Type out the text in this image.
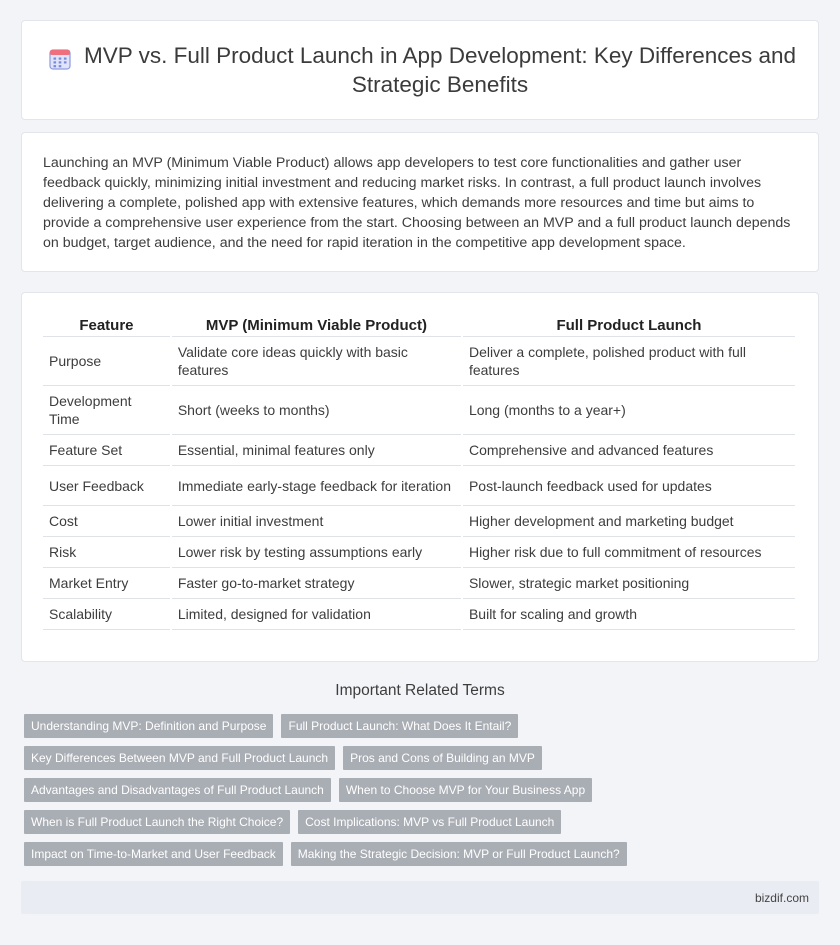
MVP vs. Full Product Launch in App Development: Key Differences and Strategic Benefits

Launching an MVP (Minimum Viable Product) allows app developers to test core functionalities and gather user feedback quickly, minimizing initial investment and reducing market risks. In contrast, a full product launch involves delivering a complete, polished app with extensive features, which demands more resources and time but aims to provide a comprehensive user experience from the start. Choosing between an MVP and a full product launch depends on budget, target audience, and the need for rapid iteration in the competitive app development space.

Feature	MVP (Minimum Viable Product)	Full Product Launch
Purpose	Validate core ideas quickly with basic features	Deliver a complete, polished product with full features
Development Time	Short (weeks to months)	Long (months to a year+)
Feature Set	Essential, minimal features only	Comprehensive and advanced features
User Feedback	Immediate early-stage feedback for iteration	Post-launch feedback used for updates
Cost	Lower initial investment	Higher development and marketing budget
Risk	Lower risk by testing assumptions early	Higher risk due to full commitment of resources
Market Entry	Faster go-to-market strategy	Slower, strategic market positioning
Scalability	Limited, designed for validation	Built for scaling and growth
Important Related Terms
Understanding MVP: Definition and Purpose	Full Product Launch: What Does It Entail?
Key Differences Between MVP and Full Product Launch	Pros and Cons of Building an MVP
Advantages and Disadvantages of Full Product Launch	When to Choose MVP for Your Business App
When is Full Product Launch the Right Choice?	Cost Implications: MVP vs Full Product Launch
Impact on Time-to-Market and User Feedback	Making the Strategic Decision: MVP or Full Product Launch?
bizdif.com
